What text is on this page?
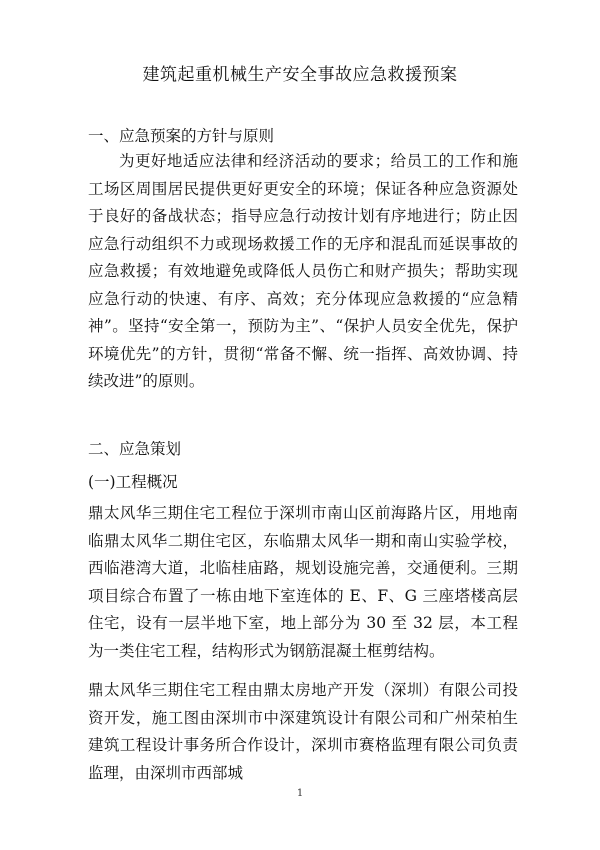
建筑起重机械生产安全事故应急救援预案
一、应急预案的方针与原则

为更好地适应法律和经济活动的要求；给员工的工作和施工场区周围居民提供更好更安全的环境；保证各种应急资源处于良好的备战状态；指导应急行动按计划有序地进行；防止因应急行动组织不力或现场救援工作的无序和混乱而延误事故的应急救援；有效地避免或降低人员伤亡和财产损失；帮助实现应急行动的快速、有序、高效；充分体现应急救援的“应急精神”。坚持“安全第一，预防为主”、“保护人员安全优先，保护环境优先”的方针，贯彻“常备不懈、统一指挥、高效协调、持续改进”的原则。

二、应急策划
(一)工程概况

鼎太风华三期住宅工程位于深圳市南山区前海路片区，用地南临鼎太风华二期住宅区，东临鼎太风华一期和南山实验学校，西临港湾大道，北临桂庙路，规划设施完善，交通便利。三期项目综合布置了一栋由地下室连体的 E、F、G 三座塔楼高层住宅，设有一层半地下室，地上部分为 30 至 32 层，本工程为一类住宅工程，结构形式为钢筋混凝土框剪结构。

鼎太风华三期住宅工程由鼎太房地产开发（深圳）有限公司投资开发，施工图由深圳市中深建筑设计有限公司和广州荣柏生建筑工程设计事务所合作设计，深圳市赛格监理有限公司负责监理，由深圳市西部城

1
